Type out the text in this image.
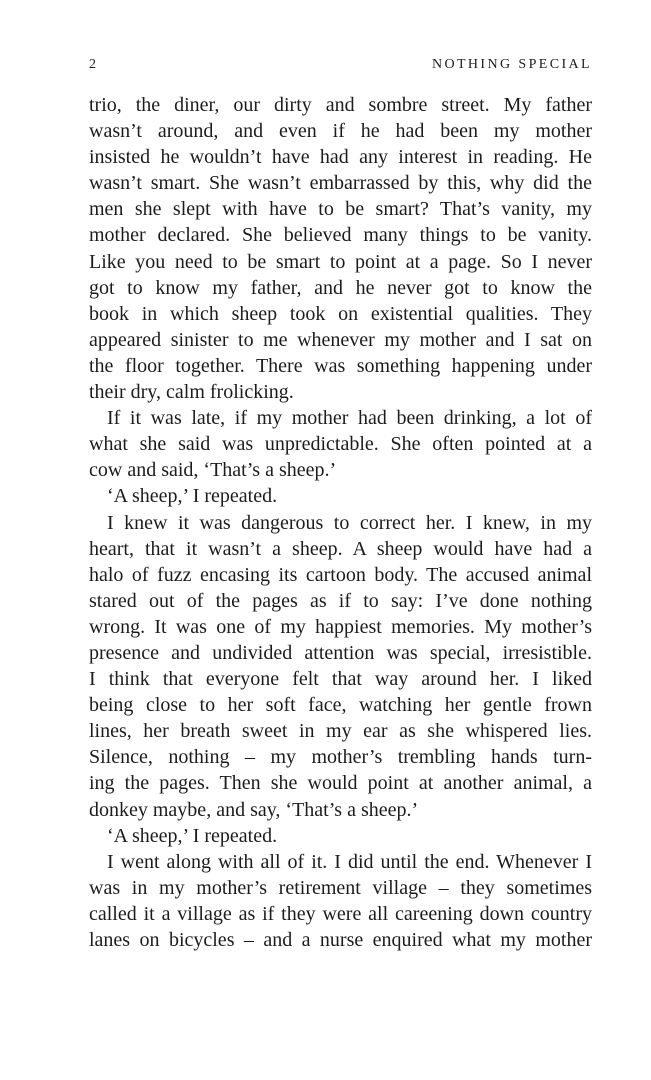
2	NOTHING SPECIAL
trio, the diner, our dirty and sombre street. My father
wasn’t around, and even if he had been my mother
insisted he wouldn’t have had any interest in reading. He
wasn’t smart. She wasn’t embarrassed by this, why did the
men she slept with have to be smart? That’s vanity, my
mother declared. She believed many things to be vanity.
Like you need to be smart to point at a page. So I never
got to know my father, and he never got to know the
book in which sheep took on existential qualities. They
appeared sinister to me whenever my mother and I sat on
the floor together. There was something happening under
their dry, calm frolicking.
If it was late, if my mother had been drinking, a lot of
what she said was unpredictable. She often pointed at a
cow and said, ‘That’s a sheep.’
‘A sheep,’ I repeated.
I knew it was dangerous to correct her. I knew, in my
heart, that it wasn’t a sheep. A sheep would have had a
halo of fuzz encasing its cartoon body. The accused animal
stared out of the pages as if to say: I’ve done nothing
wrong. It was one of my happiest memories. My mother’s
presence and undivided attention was special, irresistible.
I think that everyone felt that way around her. I liked
being close to her soft face, watching her gentle frown
lines, her breath sweet in my ear as she whispered lies.
Silence, nothing – my mother’s trembling hands turn-
ing the pages. Then she would point at another animal, a
donkey maybe, and say, ‘That’s a sheep.’
‘A sheep,’ I repeated.
I went along with all of it. I did until the end. Whenever I
was in my mother’s retirement village – they sometimes
called it a village as if they were all careening down country
lanes on bicycles – and a nurse enquired what my mother
